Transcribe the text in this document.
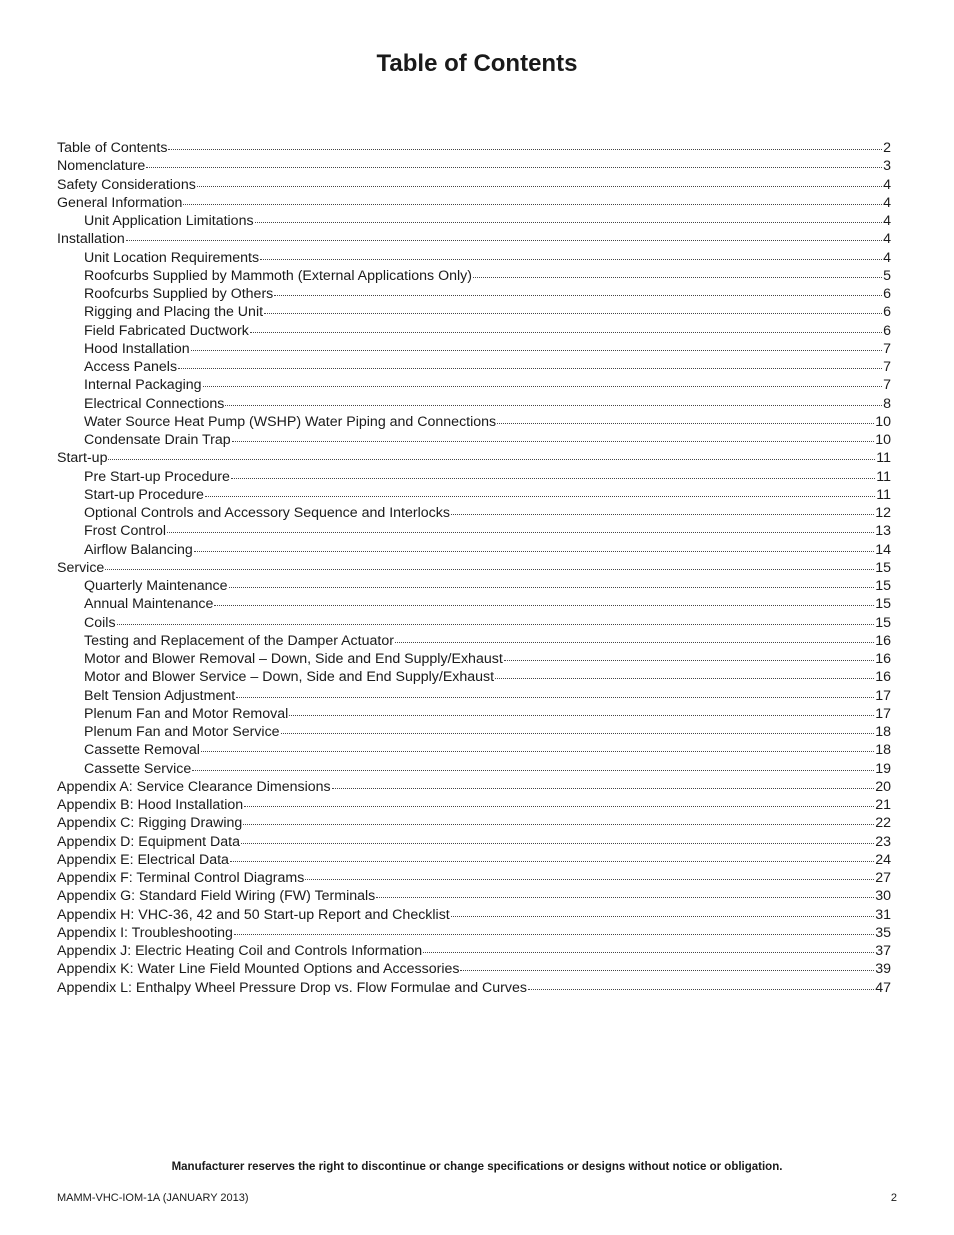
Table of Contents
Table of Contents	2
Nomenclature	3
Safety Considerations	4
General Information	4
Unit Application Limitations	4
Installation	4
Unit Location Requirements	4
Roofcurbs Supplied by Mammoth (External Applications Only)	5
Roofcurbs Supplied by Others	6
Rigging and Placing the Unit	6
Field Fabricated Ductwork	6
Hood Installation	7
Access Panels	7
Internal Packaging	7
Electrical Connections	8
Water Source Heat Pump (WSHP) Water Piping and Connections	10
Condensate Drain Trap	10
Start-up	11
Pre Start-up Procedure	11
Start-up Procedure	11
Optional Controls and Accessory Sequence and Interlocks	12
Frost Control	13
Airflow Balancing	14
Service	15
Quarterly Maintenance	15
Annual Maintenance	15
Coils	15
Testing and Replacement of the Damper Actuator	16
Motor and Blower Removal – Down, Side and End Supply/Exhaust	16
Motor and Blower Service – Down, Side and End Supply/Exhaust	16
Belt Tension Adjustment	17
Plenum Fan and Motor Removal	17
Plenum Fan and Motor Service	18
Cassette Removal	18
Cassette Service	19
Appendix A: Service Clearance Dimensions	20
Appendix B: Hood Installation	21
Appendix C: Rigging Drawing	22
Appendix D: Equipment Data	23
Appendix E: Electrical Data	24
Appendix F: Terminal Control Diagrams	27
Appendix G: Standard Field Wiring (FW) Terminals	30
Appendix H: VHC-36, 42 and 50 Start-up Report and Checklist	31
Appendix I: Troubleshooting	35
Appendix J: Electric Heating Coil and Controls Information	37
Appendix K: Water Line Field Mounted Options and Accessories	39
Appendix L: Enthalpy Wheel Pressure Drop vs. Flow Formulae and Curves	47

Manufacturer reserves the right to discontinue or change specifications or designs without notice or obligation.

MAMM-VHC-IOM-1A (JANUARY 2013)	2
